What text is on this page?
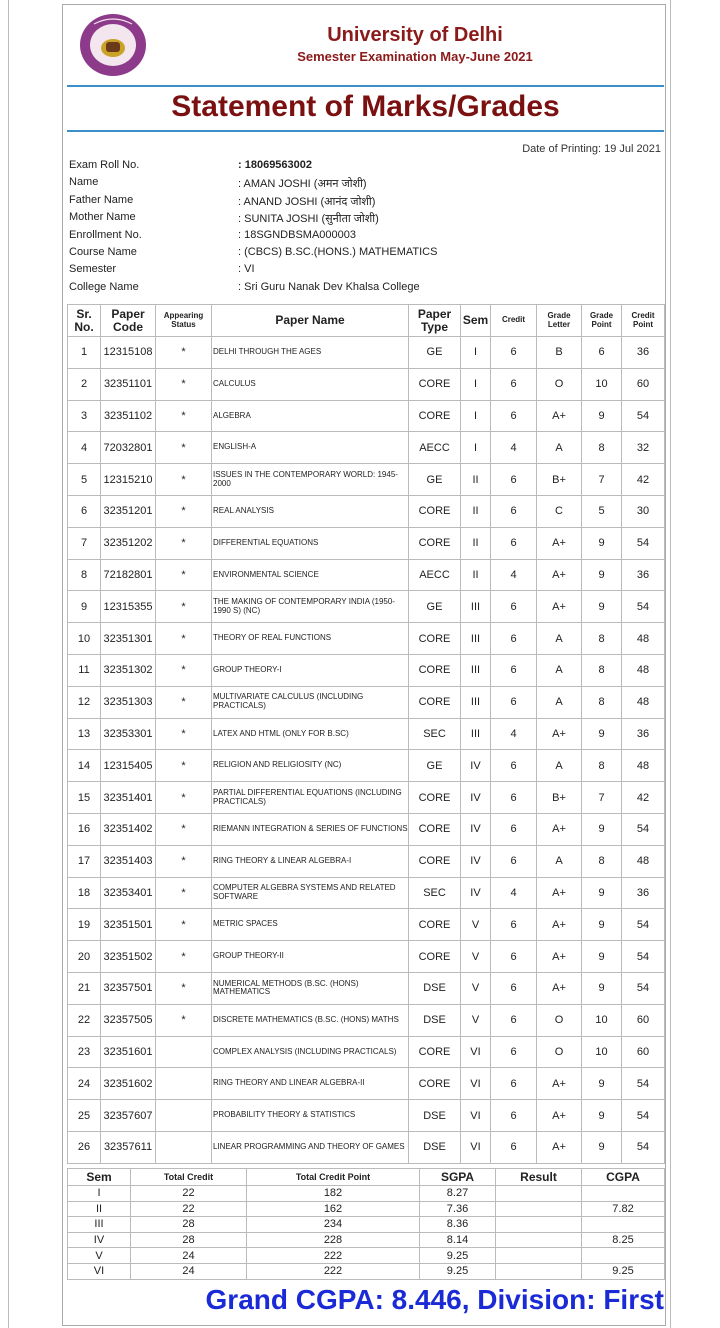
University of Delhi
Semester Examination May-June 2021
Statement of Marks/Grades
Date of Printing: 19 Jul 2021
Exam Roll No.	: 18069563002
Name	: AMAN JOSHI (अमन जोशी)
Father Name	: ANAND JOSHI (आनंद जोशी)
Mother Name	: SUNITA JOSHI (सुनीता जोशी)
Enrollment No.	: 18SGNDBSMA000003
Course Name	: (CBCS) B.SC.(HONS.) MATHEMATICS
Semester	: VI
College Name	: Sri Guru Nanak Dev Khalsa College
Sr. No.	Paper Code	Appearing Status	Paper Name	Paper Type	Sem	Credit	Grade Letter	Grade Point	Credit Point
1	12315108	*	DELHI THROUGH THE AGES	GE	I	6	B	6	36
2	32351101	*	CALCULUS	CORE	I	6	O	10	60
3	32351102	*	ALGEBRA	CORE	I	6	A+	9	54
4	72032801	*	ENGLISH-A	AECC	I	4	A	8	32
5	12315210	*	ISSUES IN THE CONTEMPORARY WORLD: 1945-2000	GE	II	6	B+	7	42
6	32351201	*	REAL ANALYSIS	CORE	II	6	C	5	30
7	32351202	*	DIFFERENTIAL EQUATIONS	CORE	II	6	A+	9	54
8	72182801	*	ENVIRONMENTAL SCIENCE	AECC	II	4	A+	9	36
9	12315355	*	THE MAKING OF CONTEMPORARY INDIA (1950-1990 S) (NC)	GE	III	6	A+	9	54
10	32351301	*	THEORY OF REAL FUNCTIONS	CORE	III	6	A	8	48
11	32351302	*	GROUP THEORY-I	CORE	III	6	A	8	48
12	32351303	*	MULTIVARIATE CALCULUS (INCLUDING PRACTICALS)	CORE	III	6	A	8	48
13	32353301	*	LATEX AND HTML (ONLY FOR B.SC)	SEC	III	4	A+	9	36
14	12315405	*	RELIGION AND RELIGIOSITY (NC)	GE	IV	6	A	8	48
15	32351401	*	PARTIAL DIFFERENTIAL EQUATIONS (INCLUDING PRACTICALS)	CORE	IV	6	B+	7	42
16	32351402	*	RIEMANN INTEGRATION & SERIES OF FUNCTIONS	CORE	IV	6	A+	9	54
17	32351403	*	RING THEORY & LINEAR ALGEBRA-I	CORE	IV	6	A	8	48
18	32353401	*	COMPUTER ALGEBRA SYSTEMS AND RELATED SOFTWARE	SEC	IV	4	A+	9	36
19	32351501	*	METRIC SPACES	CORE	V	6	A+	9	54
20	32351502	*	GROUP THEORY-II	CORE	V	6	A+	9	54
21	32357501	*	NUMERICAL METHODS (B.SC. (HONS) MATHEMATICS	DSE	V	6	A+	9	54
22	32357505	*	DISCRETE MATHEMATICS (B.SC. (HONS) MATHS	DSE	V	6	O	10	60
23	32351601		COMPLEX ANALYSIS (INCLUDING PRACTICALS)	CORE	VI	6	O	10	60
24	32351602		RING THEORY AND LINEAR ALGEBRA-II	CORE	VI	6	A+	9	54
25	32357607		PROBABILITY THEORY & STATISTICS	DSE	VI	6	A+	9	54
26	32357611		LINEAR PROGRAMMING AND THEORY OF GAMES	DSE	VI	6	A+	9	54
Sem	Total Credit	Total Credit Point	SGPA	Result	CGPA
I	22	182	8.27		
II	22	162	7.36		7.82
III	28	234	8.36		
IV	28	228	8.14		8.25
V	24	222	9.25		
VI	24	222	9.25		9.25
Grand CGPA: 8.446, Division: First
